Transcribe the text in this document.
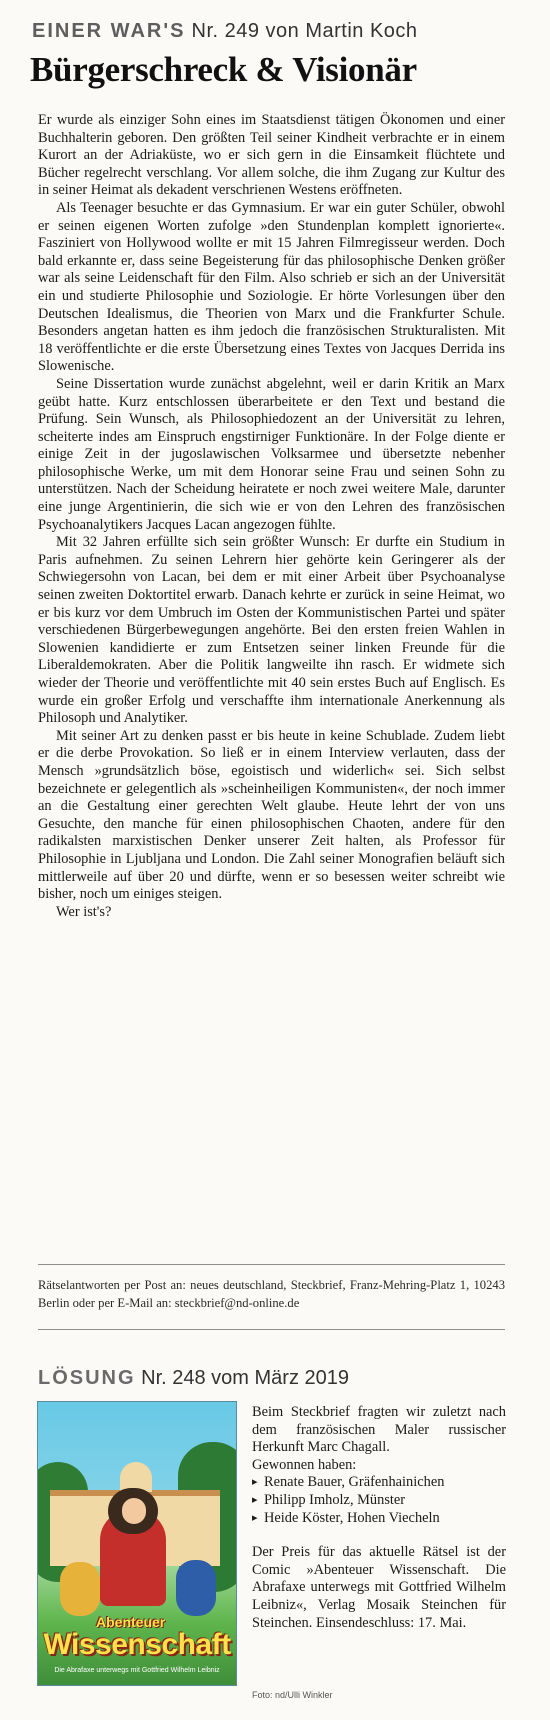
EINER WAR'S Nr. 249 von Martin Koch
Bürgerschreck & Visionär

Er wurde als einziger Sohn eines im Staatsdienst tätigen Ökonomen und einer Buchhalterin geboren. Den größten Teil seiner Kindheit verbrachte er in einem Kurort an der Adriaküste, wo er sich gern in die Einsamkeit flüchtete und Bücher regelrecht verschlang. Vor allem solche, die ihm Zugang zur Kultur des in seiner Heimat als dekadent verschrienen Westens eröffneten.

Als Teenager besuchte er das Gymnasium. Er war ein guter Schüler, obwohl er seinen eigenen Worten zufolge »den Stundenplan komplett ignorierte«. Fasziniert von Hollywood wollte er mit 15 Jahren Filmregisseur werden. Doch bald erkannte er, dass seine Begeisterung für das philosophische Denken größer war als seine Leidenschaft für den Film. Also schrieb er sich an der Universität ein und studierte Philosophie und Soziologie. Er hörte Vorlesungen über den Deutschen Idealismus, die Theorien von Marx und die Frankfurter Schule. Besonders angetan hatten es ihm jedoch die französischen Strukturalisten. Mit 18 veröffentlichte er die erste Übersetzung eines Textes von Jacques Derrida ins Slowenische.

Seine Dissertation wurde zunächst abgelehnt, weil er darin Kritik an Marx geübt hatte. Kurz entschlossen überarbeitete er den Text und bestand die Prüfung. Sein Wunsch, als Philosophiedozent an der Universität zu lehren, scheiterte indes am Einspruch engstirniger Funktionäre. In der Folge diente er einige Zeit in der jugoslawischen Volksarmee und übersetzte nebenher philosophische Werke, um mit dem Honorar seine Frau und seinen Sohn zu unterstützen. Nach der Scheidung heiratete er noch zwei weitere Male, darunter eine junge Argentinierin, die sich wie er von den Lehren des französischen Psychoanalytikers Jacques Lacan angezogen fühlte.

Mit 32 Jahren erfüllte sich sein größter Wunsch: Er durfte ein Studium in Paris aufnehmen. Zu seinen Lehrern hier gehörte kein Geringerer als der Schwiegersohn von Lacan, bei dem er mit einer Arbeit über Psychoanalyse seinen zweiten Doktortitel erwarb. Danach kehrte er zurück in seine Heimat, wo er bis kurz vor dem Umbruch im Osten der Kommunistischen Partei und später verschiedenen Bürgerbewegungen angehörte. Bei den ersten freien Wahlen in Slowenien kandidierte er zum Entsetzen seiner linken Freunde für die Liberaldemokraten. Aber die Politik langweilte ihn rasch. Er widmete sich wieder der Theorie und veröffentlichte mit 40 sein erstes Buch auf Englisch. Es wurde ein großer Erfolg und verschaffte ihm internationale Anerkennung als Philosoph und Analytiker.

Mit seiner Art zu denken passt er bis heute in keine Schublade. Zudem liebt er die derbe Provokation. So ließ er in einem Interview verlauten, dass der Mensch »grundsätzlich böse, egoistisch und widerlich« sei. Sich selbst bezeichnete er gelegentlich als »scheinheiligen Kommunisten«, der noch immer an die Gestaltung einer gerechten Welt glaube. Heute lehrt der von uns Gesuchte, den manche für einen philosophischen Chaoten, andere für den radikalsten marxistischen Denker unserer Zeit halten, als Professor für Philosophie in Ljubljana und London. Die Zahl seiner Monografien beläuft sich mittlerweile auf über 20 und dürfte, wenn er so besessen weiter schreibt wie bisher, noch um einiges steigen.

Wer ist's?

Rätselantworten per Post an: neues deutschland, Steckbrief, Franz-Mehring-Platz 1, 10243 Berlin oder per E-Mail an: steckbrief@nd-online.de

LÖSUNG Nr. 248 vom März 2019
Abenteuer
Wissenschaft
Die Abrafaxe unterwegs mit Gottfried Wilhelm Leibniz

Beim Steckbrief fragten wir zuletzt nach dem französischen Maler russischer Herkunft Marc Chagall.

Gewonnen haben:

▸ Renate Bauer, Gräfenhainichen
▸ Philipp Imholz, Münster
▸ Heide Köster, Hohen Viecheln

Der Preis für das aktuelle Rätsel ist der Comic »Abenteuer Wissenschaft. Die Abrafaxe unterwegs mit Gottfried Wilhelm Leibniz«, Verlag Mosaik Steinchen für Steinchen. Einsendeschluss: 17. Mai.

Foto: nd/Ulli Winkler
